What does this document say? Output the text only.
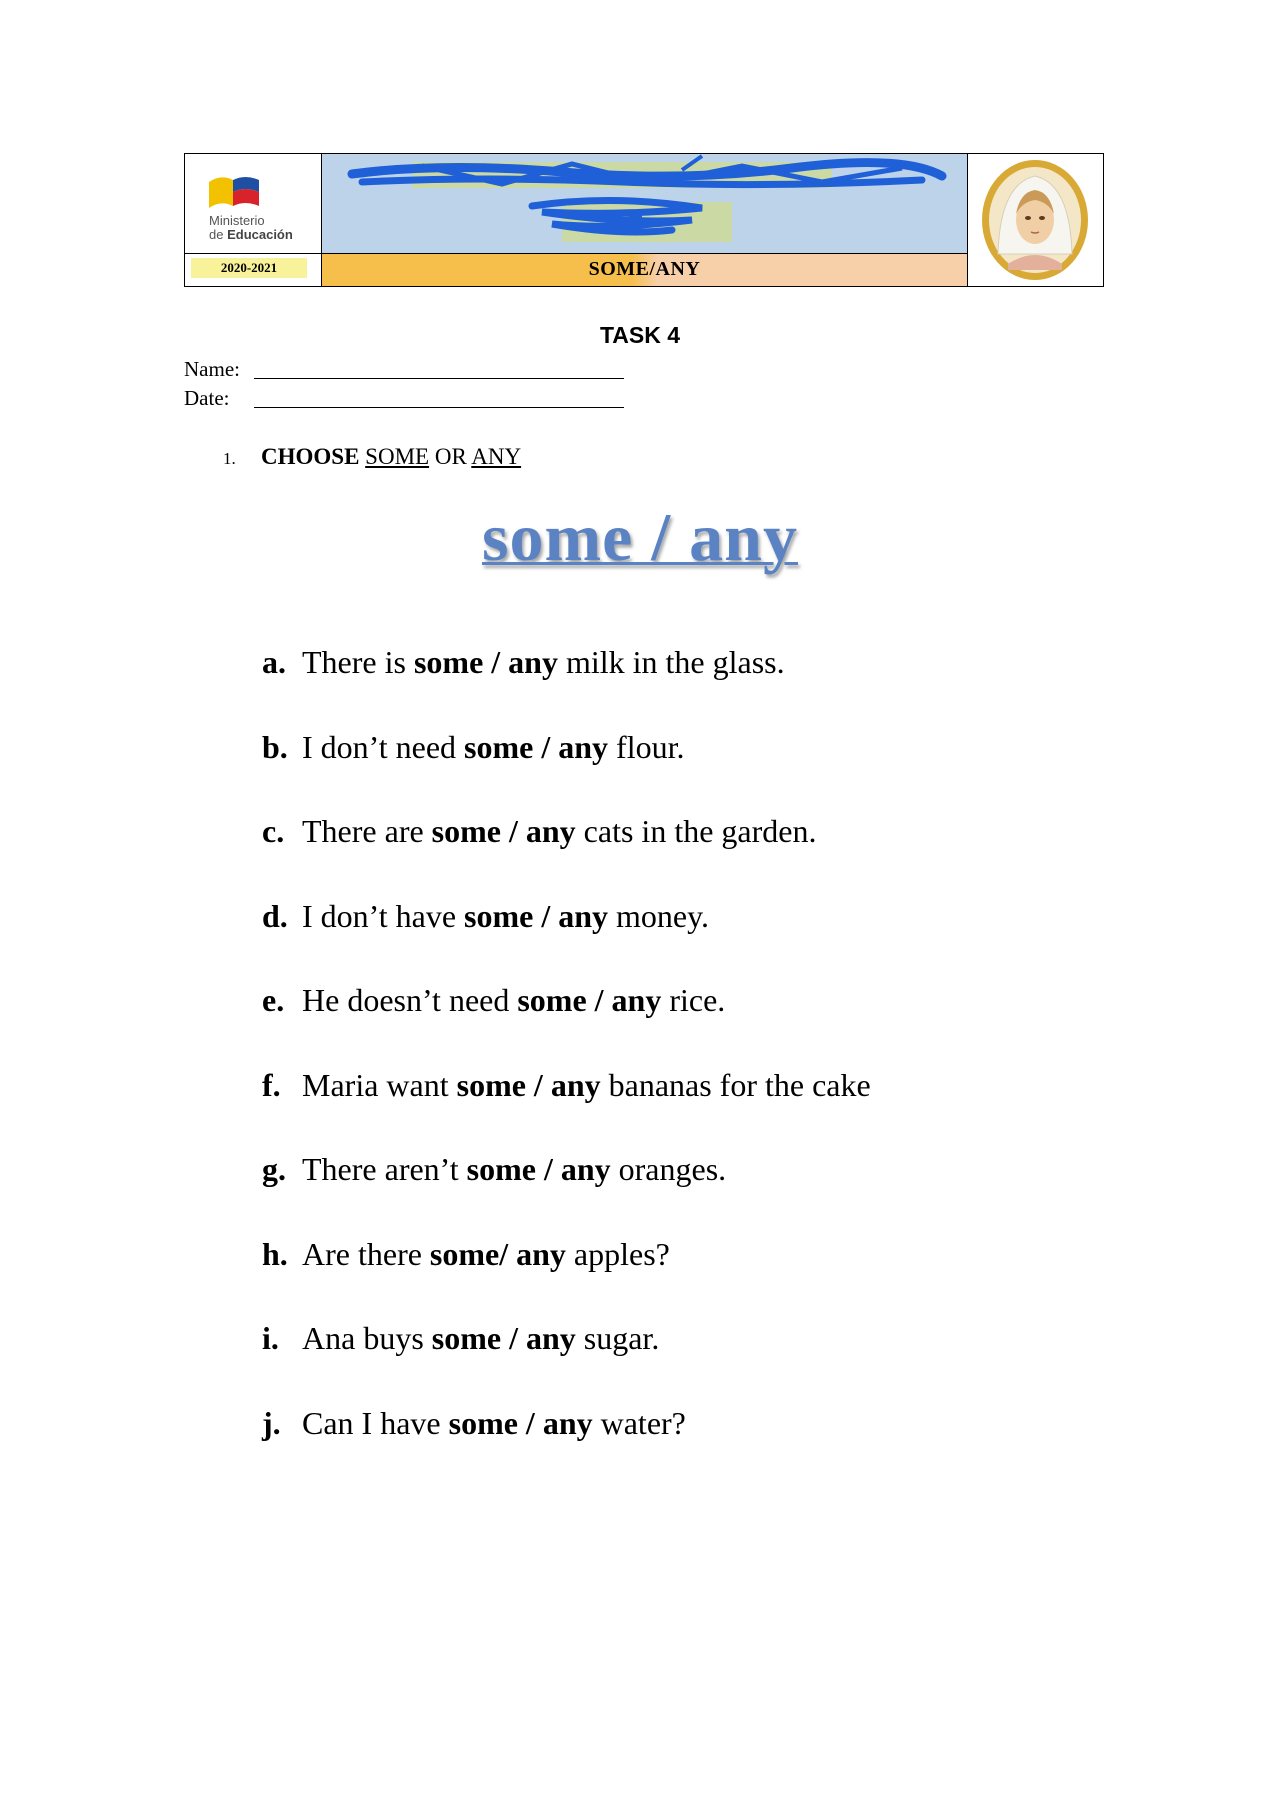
Ministerio
de Educación
2020-2021	SOME/ANY
TASK 4
Name:
Date:
1. CHOOSE SOME OR ANY
some / any
a. There is some / any milk in the glass.
b. I don’t need some / any flour.
c. There are some / any cats in the garden.
d. I don’t have some / any money.
e. He doesn’t need some / any rice.
f. Maria want some / any bananas for the cake
g. There aren’t some / any oranges.
h. Are there some/ any apples?
i. Ana buys some / any sugar.
j. Can I have some / any water?
